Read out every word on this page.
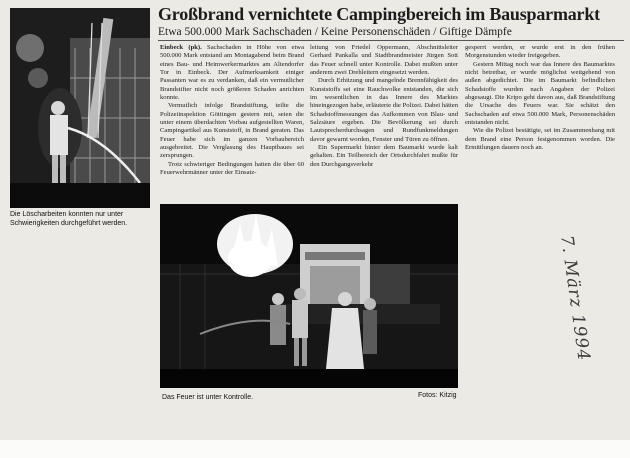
Die Löscharbeiten konnten nur unter Schwierigkeiten durchgeführt werden.
Großbrand vernichtete Campingbereich im Bausparmarkt
Etwa 500.000 Mark Sachschaden / Keine Personenschäden / Giftige Dämpfe

Einbeck (pk). Sachschaden in Höhe von etwa 500.000 Mark entstand am Montagabend beim Brand eines Bau- und Heimwerkermarktes am Altendorfer Tor in Einbeck. Der Aufmerksamkeit einiger Passanten war es zu verdanken, daß ein vermutlicher Brandstifter nicht noch größeren Schaden anrichten konnte.

Vermutlich infolge Brandstiftung, teilte die Polizeiinspektion Göttingen gestern mit, seien die unter einem überdachten Vorbau aufgestellten Waren, Campingartikel aus Kunststoff, in Brand geraten. Das Feuer habe sich im ganzen Vorbaubereich ausgebreitet. Die Verglasung des Hauptbaues sei zersprungen.

Trotz schwieriger Bedingungen hatten die über 60 Feuerwehrmänner unter der Einsatz-

leitung von Friedel Oppermann, Abschnittsleiter Gerhard Pankalla und Stadtbrandmeister Jürgen Sott das Feuer schnell unter Kontrolle. Dabei mußten unter anderem zwei Drehleitern eingesetzt werden.

Durch Erhitzung und mangelnde Brennfähigkeit des Kunststoffs sei eine Rauchwolke entstanden, die sich im wesentlichen in das Innere des Marktes hineingezogen habe, erläuterte die Polizei. Dabei hätten Schadstoffmessungen das Aufkommen von Blau- und Salzsäure ergeben. Die Bevölkerung sei durch Lautsprecherdurchsagen und Rundfunkmeldungen davor gewarnt worden, Fenster und Türen zu öffnen.

Ein Supermarkt hinter dem Baumarkt wurde kalt gehalten. Ein Teilbereich der Ortsdurchfahrt mußte für den Durchgangsverkehr

gesperrt werden, er wurde erst in den frühen Morgenstunden wieder freigegeben.

Gestern Mittag noch war das Innere des Baumarktes nicht betretbar, er wurde möglichst weitgehend von außen abgedichtet. Die im Baumarkt befindlichen Schadstoffe wurden nach Angaben der Polizei abgesaugt. Die Kripo geht davon aus, daß Brandstiftung die Ursache des Feuers war. Sie schätzt den Sachschaden auf etwa 500.000 Mark, Personenschäden entstanden nicht.

Wie die Polizei bestätigte, sei im Zusammenhang mit dem Brand eine Person festgenommen worden. Die Ermittlungen dauern noch an.

Das Feuer ist unter Kontrolle.	Fotos: Kitzig
7. März 1994
